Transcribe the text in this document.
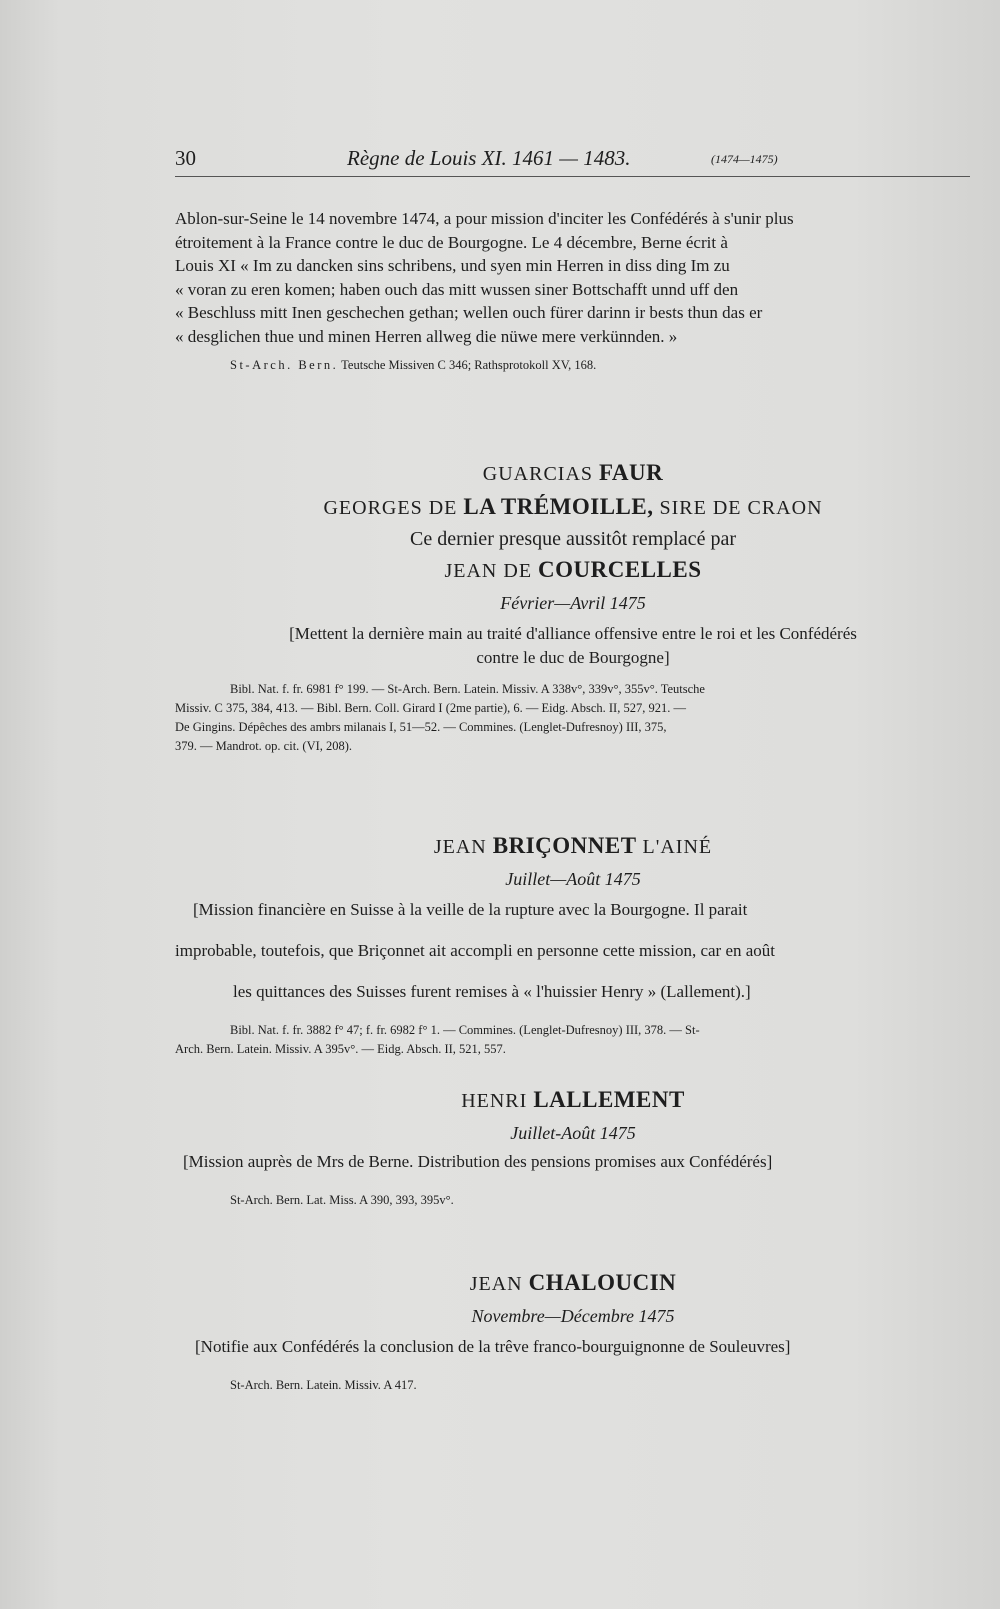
30	Règne de Louis XI. 1461 — 1483.	(1474—1475)

Ablon-sur-Seine le 14 novembre 1474, a pour mission d'inciter les Confédérés à s'unir plus

étroitement à la France contre le duc de Bourgogne. Le 4 décembre, Berne écrit à

Louis XI « Im zu dancken sins schribens, und syen min Herren in diss ding Im zu

« voran zu eren komen; haben ouch das mitt wussen siner Bottschafft unnd uff den

« Beschluss mitt Inen geschechen gethan; wellen ouch fürer darinn ir bests thun das er

« desglichen thue und minen Herren allweg die nüwe mere verkünnden. »

St-Arch. Bern. Teutsche Missiven C 346; Rathsprotokoll XV, 168.

GUARCIAS FAUR

GEORGES DE LA TRÉMOILLE, SIRE DE CRAON

Ce dernier presque aussitôt remplacé par

JEAN DE COURCELLES

Février—Avril 1475

[Mettent la dernière main au traité d'alliance offensive entre le roi et les Confédérés

contre le duc de Bourgogne]

Bibl. Nat. f. fr. 6981 f° 199. — St-Arch. Bern. Latein. Missiv. A 338v°, 339v°, 355v°. Teutsche

Missiv. C 375, 384, 413. — Bibl. Bern. Coll. Girard I (2me partie), 6. — Eidg. Absch. II, 527, 921. —

De Gingins. Dépêches des ambrs milanais I, 51—52. — Commines. (Lenglet-Dufresnoy) III, 375,

379. — Mandrot. op. cit. (VI, 208).

JEAN BRIÇONNET L'AINÉ

Juillet—Août 1475

[Mission financière en Suisse à la veille de la rupture avec la Bourgogne. Il parait

improbable, toutefois, que Briçonnet ait accompli en personne cette mission, car en août

les quittances des Suisses furent remises à « l'huissier Henry » (Lallement).]

Bibl. Nat. f. fr. 3882 f° 47; f. fr. 6982 f° 1. — Commines. (Lenglet-Dufresnoy) III, 378. — St-

Arch. Bern. Latein. Missiv. A 395v°. — Eidg. Absch. II, 521, 557.

HENRI LALLEMENT

Juillet-Août 1475

[Mission auprès de Mrs de Berne. Distribution des pensions promises aux Confédérés]

St-Arch. Bern. Lat. Miss. A 390, 393, 395v°.

JEAN CHALOUCIN

Novembre—Décembre 1475

[Notifie aux Confédérés la conclusion de la trêve franco-bourguignonne de Souleuvres]

St-Arch. Bern. Latein. Missiv. A 417.
